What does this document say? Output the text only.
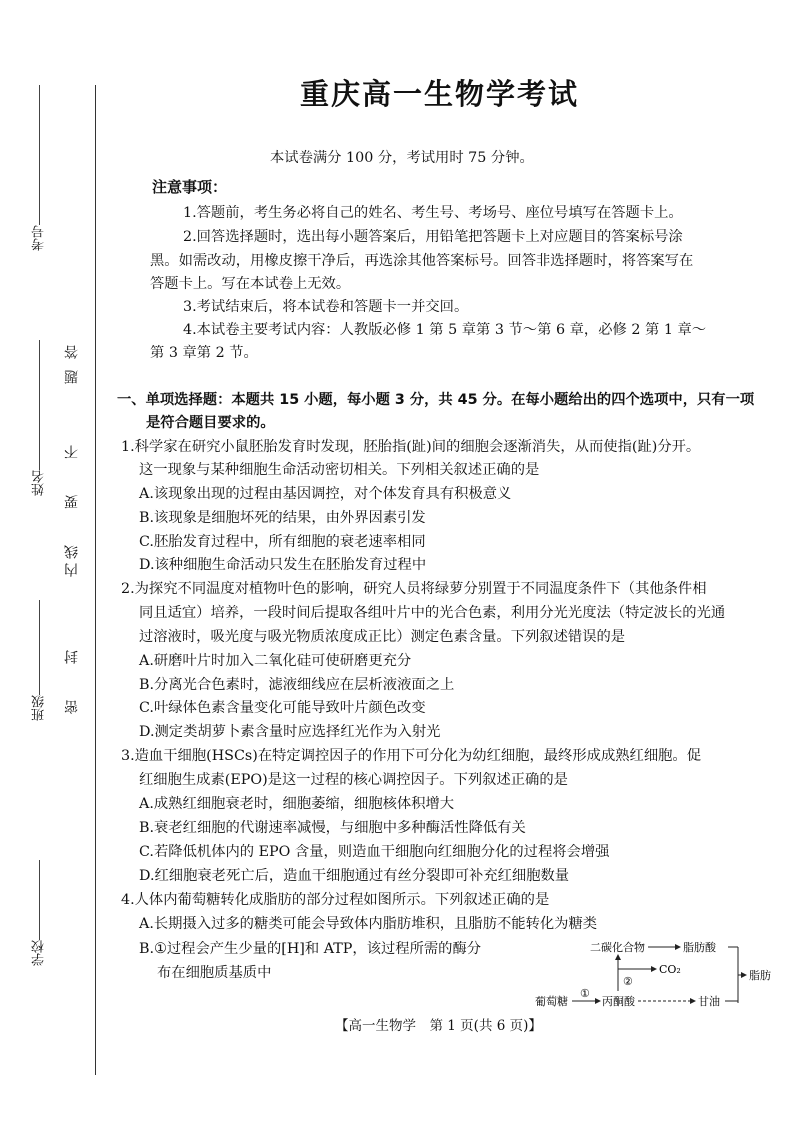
考号
姓名
班级
学校
答
题
不
要
线
内
封
密
重庆高一生物学考试
本试卷满分 100 分，考试用时 75 分钟。
注意事项：
1.答题前，考生务必将自己的姓名、考生号、考场号、座位号填写在答题卡上。
2.回答选择题时，选出每小题答案后，用铅笔把答题卡上对应题目的答案标号涂
黑。如需改动，用橡皮擦干净后，再选涂其他答案标号。回答非选择题时，将答案写在
答题卡上。写在本试卷上无效。
3.考试结束后，将本试卷和答题卡一并交回。
4.本试卷主要考试内容：人教版必修 1 第 5 章第 3 节～第 6 章，必修 2 第 1 章～
第 3 章第 2 节。
一、单项选择题：本题共 15 小题，每小题 3 分，共 45 分。在每小题给出的四个选项中，只有一项
是符合题目要求的。
1.科学家在研究小鼠胚胎发育时发现，胚胎指(趾)间的细胞会逐渐消失，从而使指(趾)分开。
这一现象与某种细胞生命活动密切相关。下列相关叙述正确的是
A.该现象出现的过程由基因调控，对个体发育具有积极意义
B.该现象是细胞坏死的结果，由外界因素引发
C.胚胎发育过程中，所有细胞的衰老速率相同
D.该种细胞生命活动只发生在胚胎发育过程中
2.为探究不同温度对植物叶色的影响，研究人员将绿萝分别置于不同温度条件下（其他条件相
同且适宜）培养，一段时间后提取各组叶片中的光合色素，利用分光光度法（特定波长的光通
过溶液时，吸光度与吸光物质浓度成正比）测定色素含量。下列叙述错误的是
A.研磨叶片时加入二氧化硅可使研磨更充分
B.分离光合色素时，滤液细线应在层析液液面之上
C.叶绿体色素含量变化可能导致叶片颜色改变
D.测定类胡萝卜素含量时应选择红光作为入射光
3.造血干细胞(HSCs)在特定调控因子的作用下可分化为幼红细胞，最终形成成熟红细胞。促
红细胞生成素(EPO)是这一过程的核心调控因子。下列叙述正确的是
A.成熟红细胞衰老时，细胞萎缩，细胞核体积增大
B.衰老红细胞的代谢速率减慢，与细胞中多种酶活性降低有关
C.若降低机体内的 EPO 含量，则造血干细胞向红细胞分化的过程将会增强
D.红细胞衰老死亡后，造血干细胞通过有丝分裂即可补充红细胞数量
4.人体内葡萄糖转化成脂肪的部分过程如图所示。下列叙述正确的是
A.长期摄入过多的糖类可能会导致体内脂肪堆积，且脂肪不能转化为糖类
B.①过程会产生少量的[H]和 ATP，该过程所需的酶分
布在细胞质基质中
【高一生物学　第 1 页(共 6 页)】
二碳化合物	脂肪酸
脂肪
CO₂
②
葡萄糖
①
丙酮酸	甘油
